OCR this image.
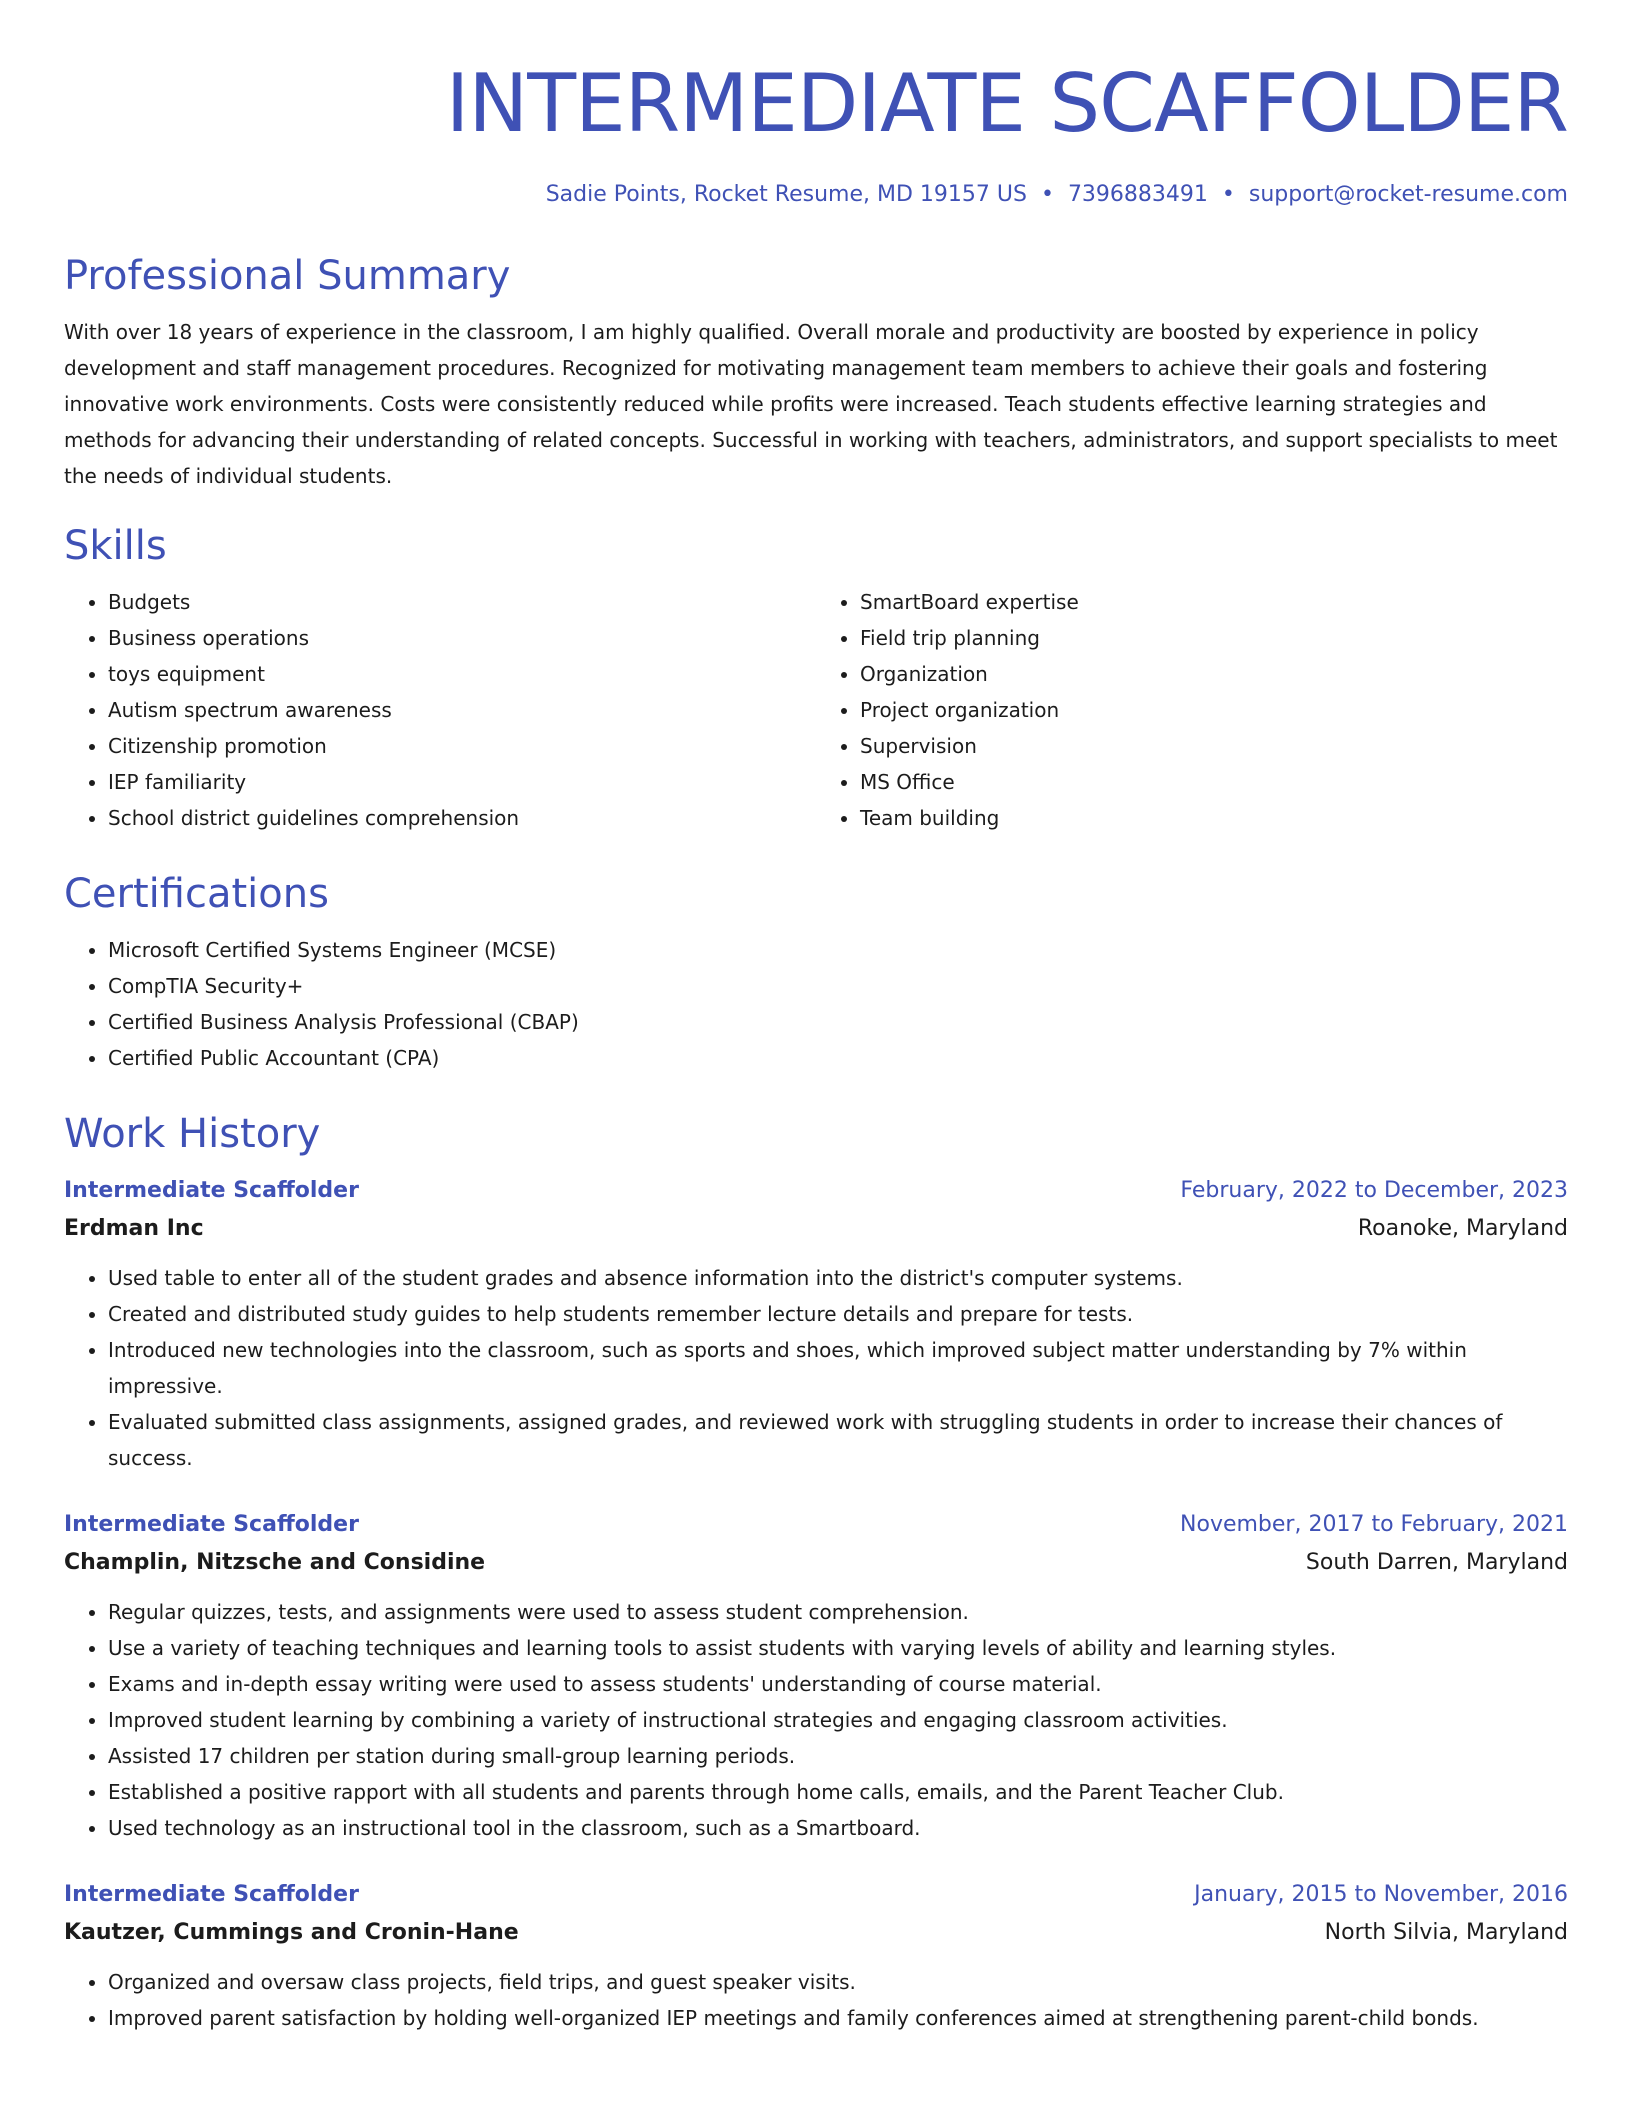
INTERMEDIATE SCAFFOLDER
Sadie Points, Rocket Resume, MD 19157 US • 7396883491 • support@rocket-resume.com
Professional Summary
With over 18 years of experience in the classroom, I am highly qualified. Overall morale and productivity are boosted by experience in policy development and staff management procedures. Recognized for motivating management team members to achieve their goals and fostering innovative work environments. Costs were consistently reduced while profits were increased. Teach students effective learning strategies and methods for advancing their understanding of related concepts. Successful in working with teachers, administrators, and support specialists to meet the needs of individual students.
Skills
• Budgets
• Business operations
• toys equipment
• Autism spectrum awareness
• Citizenship promotion
• IEP familiarity
• School district guidelines comprehension
• SmartBoard expertise
• Field trip planning
• Organization
• Project organization
• Supervision
• MS Office
• Team building
Certifications
• Microsoft Certified Systems Engineer (MCSE)
• CompTIA Security+
• Certified Business Analysis Professional (CBAP)
• Certified Public Accountant (CPA)
Work History
Intermediate Scaffolder	February, 2022 to December, 2023
Erdman Inc	Roanoke, Maryland
• Used table to enter all of the student grades and absence information into the district's computer systems.
• Created and distributed study guides to help students remember lecture details and prepare for tests.
• Introduced new technologies into the classroom, such as sports and shoes, which improved subject matter understanding by 7% within impressive.
• Evaluated submitted class assignments, assigned grades, and reviewed work with struggling students in order to increase their chances of success.
Intermediate Scaffolder	November, 2017 to February, 2021
Champlin, Nitzsche and Considine	South Darren, Maryland
• Regular quizzes, tests, and assignments were used to assess student comprehension.
• Use a variety of teaching techniques and learning tools to assist students with varying levels of ability and learning styles.
• Exams and in-depth essay writing were used to assess students' understanding of course material.
• Improved student learning by combining a variety of instructional strategies and engaging classroom activities.
• Assisted 17 children per station during small-group learning periods.
• Established a positive rapport with all students and parents through home calls, emails, and the Parent Teacher Club.
• Used technology as an instructional tool in the classroom, such as a Smartboard.
Intermediate Scaffolder	January, 2015 to November, 2016
Kautzer, Cummings and Cronin-Hane	North Silvia, Maryland
• Organized and oversaw class projects, field trips, and guest speaker visits.
• Improved parent satisfaction by holding well-organized IEP meetings and family conferences aimed at strengthening parent-child bonds.
